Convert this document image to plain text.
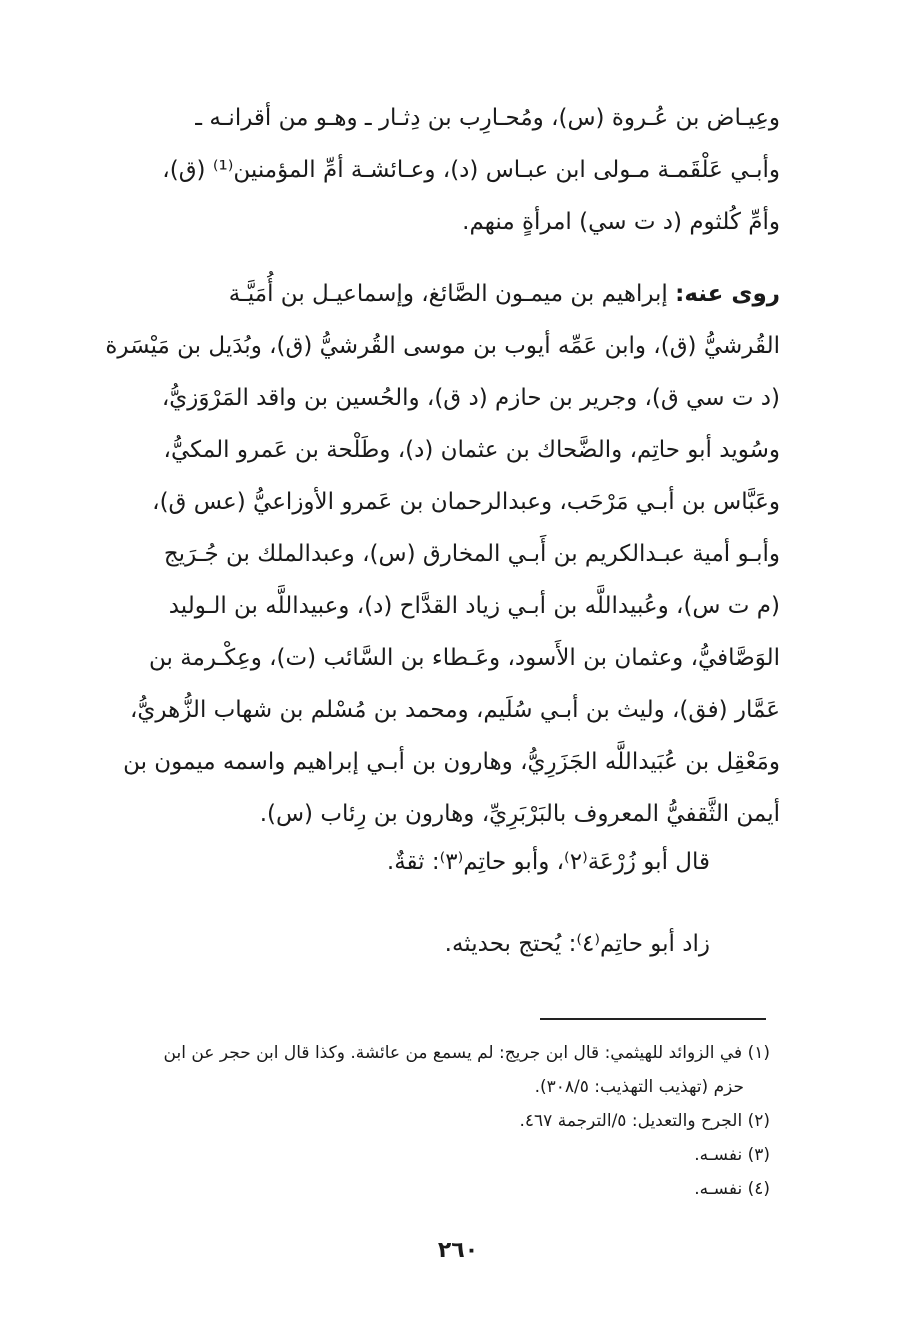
وعِيـاض بن عُـروة (س)، ومُحـارِب بن دِثـار ـ وهـو من أقرانـه ـ
وأبـي عَلْقَمـة مـولى ابن عبـاس (د)، وعـائشـة أمِّ المؤمنين⁽¹⁾ (ق)،
وأمِّ كُلثوم (د ت سي) امرأةٍ منهم.
روى عنه: إبراهيم بن ميمـون الصَّائغ، وإسماعيـل بن أُمَيَّـة
القُرشيُّ (ق)، وابن عَمِّه أيوب بن موسى القُرشيُّ (ق)، وبُدَيل بن مَيْسَرة
(د ت سي ق)، وجرير بن حازم (د ق)، والحُسين بن واقد المَرْوَزيُّ،
وسُويد أبو حاتِم، والضَّحاك بن عثمان (د)، وطَلْحة بن عَمرو المكيُّ،
وعَبَّاس بن أبـي مَرْحَب، وعبدالرحمان بن عَمرو الأوزاعيُّ (عس ق)،
وأبـو أمية عبـدالكريم بن أَبـي المخارق (س)، وعبدالملك بن جُـرَيج
(م ت س)، وعُبيداللَّه بن أبـي زياد القدَّاح (د)، وعبيداللَّه بن الـوليد
الوَصَّافيُّ، وعثمان بن الأَسود، وعَـطاء بن السَّائب (ت)، وعِكْـرمة بن
عَمَّار (فق)، وليث بن أبـي سُلَيم، ومحمد بن مُسْلم بن شهاب الزُّهريُّ،
ومَعْقِل بن عُبَيداللَّه الجَزَرِيُّ، وهارون بن أبـي إبراهيم واسمه ميمون بن
أيمن الثَّقفيُّ المعروف بالبَرْبَرِيِّ، وهارون بن رِئاب (س).
قال أبو زُرْعَة⁽٢⁾، وأبو حاتِم⁽٣⁾: ثقةٌ.
زاد أبو حاتِم⁽٤⁾: يُحتج بحديثه.
(١) في الزوائد للهيثمي: قال ابن جريج: لم يسمع من عائشة. وكذا قال ابن حجر عن ابن
حزم (تهذيب التهذيب: ٣٠٨/٥).
(٢) الجرح والتعديل: ٥/الترجمة ٤٦٧.
(٣) نفسـه.
(٤) نفسـه.
٢٦٠
